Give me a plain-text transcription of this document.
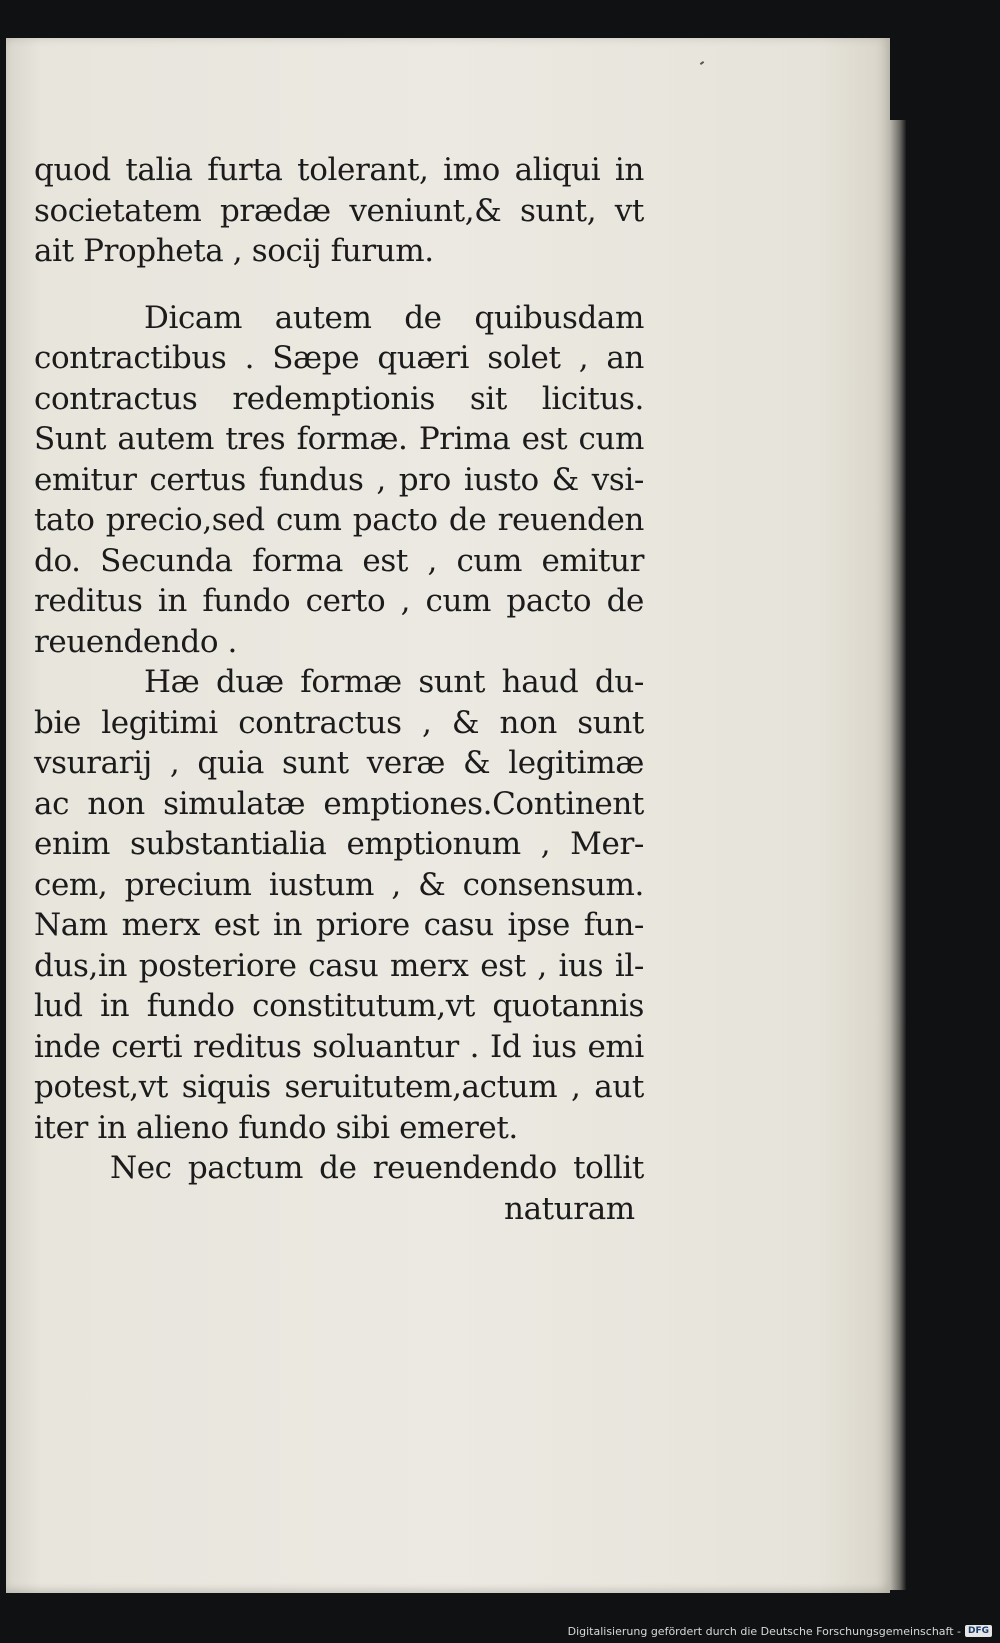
quod talia furta tolerant, imo aliqui in
societatem prædæ veniunt,& sunt, vt
ait Propheta , socij furum.
Dicam autem de quibusdam
contractibus . Sæpe quæri solet , an
contractus redemptionis sit licitus.
Sunt autem tres formæ. Prima est cum
emitur certus fundus , pro iusto & vsi-
tato precio,sed cum pacto de reuenden
do. Secunda forma est , cum emitur
reditus in fundo certo , cum pacto de
reuendendo .
Hæ duæ formæ sunt haud du-
bie legitimi contractus , & non sunt
vsurarij , quia sunt veræ & legitimæ
ac non simulatæ emptiones.Continent
enim substantialia emptionum , Mer-
cem, precium iustum , & consensum.
Nam merx est in priore casu ipse fun-
dus,in posteriore casu merx est , ius il-
lud in fundo constitutum,vt quotannis
inde certi reditus soluantur . Id ius emi
potest,vt siquis seruitutem,actum , aut
iter in alieno fundo sibi emeret.
Nec pactum de reuendendo tollit
naturam
Digitalisierung gefördert durch die Deutsche Forschungsgemeinschaft - DFG
